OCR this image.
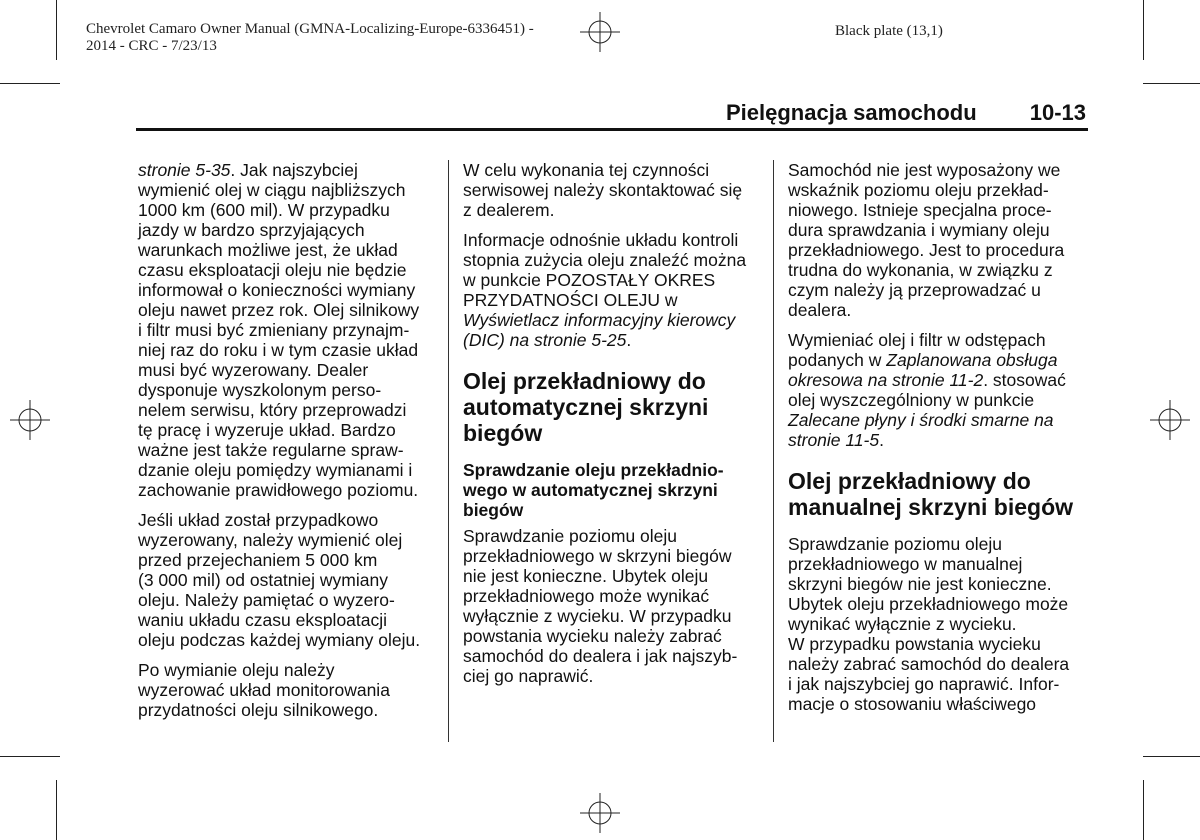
Chevrolet Camaro Owner Manual (GMNA-Localizing-Europe-6336451) -
2014 - CRC - 7/23/13
Black plate (13,1)
Pielęgnacja samochodu 10-13

stronie 5-35. Jak najszybciej
wymienić olej w ciągu najbliższych
1000 km (600 mil). W przypadku
jazdy w bardzo sprzyjających
warunkach możliwe jest, że układ
czasu eksploatacji oleju nie będzie
informował o konieczności wymiany
oleju nawet przez rok. Olej silnikowy
i filtr musi być zmieniany przynajm-
niej raz do roku i w tym czasie układ
musi być wyzerowany. Dealer
dysponuje wyszkolonym perso-
nelem serwisu, który przeprowadzi
tę pracę i wyzeruje układ. Bardzo
ważne jest także regularne spraw-
dzanie oleju pomiędzy wymianami i
zachowanie prawidłowego poziomu.

Jeśli układ został przypadkowo
wyzerowany, należy wymienić olej
przed przejechaniem 5 000 km
(3 000 mil) od ostatniej wymiany
oleju. Należy pamiętać o wyzero-
waniu układu czasu eksploatacji
oleju podczas każdej wymiany oleju.

Po wymianie oleju należy
wyzerować układ monitorowania
przydatności oleju silnikowego.

W celu wykonania tej czynności
serwisowej należy skontaktować się
z dealerem.

Informacje odnośnie układu kontroli
stopnia zużycia oleju znaleźć można
w punkcie POZOSTAŁY OKRES
PRZYDATNOŚCI OLEJU w
Wyświetlacz informacyjny kierowcy
(DIC) na stronie 5-25.

Olej przekładniowy do
automatycznej skrzyni
biegów
Sprawdzanie oleju przekładnio-
wego w automatycznej skrzyni
biegów

Sprawdzanie poziomu oleju
przekładniowego w skrzyni biegów
nie jest konieczne. Ubytek oleju
przekładniowego może wynikać
wyłącznie z wycieku. W przypadku
powstania wycieku należy zabrać
samochód do dealera i jak najszyb-
ciej go naprawić.

Samochód nie jest wyposażony we
wskaźnik poziomu oleju przekład-
niowego. Istnieje specjalna proce-
dura sprawdzania i wymiany oleju
przekładniowego. Jest to procedura
trudna do wykonania, w związku z
czym należy ją przeprowadzać u
dealera.

Wymieniać olej i filtr w odstępach
podanych w Zaplanowana obsługa
okresowa na stronie 11-2. stosować
olej wyszczególniony w punkcie
Zalecane płyny i środki smarne na
stronie 11-5.

Olej przekładniowy do
manualnej skrzyni biegów

Sprawdzanie poziomu oleju
przekładniowego w manualnej
skrzyni biegów nie jest konieczne.
Ubytek oleju przekładniowego może
wynikać wyłącznie z wycieku.
W przypadku powstania wycieku
należy zabrać samochód do dealera
i jak najszybciej go naprawić. Infor-
macje o stosowaniu właściwego
